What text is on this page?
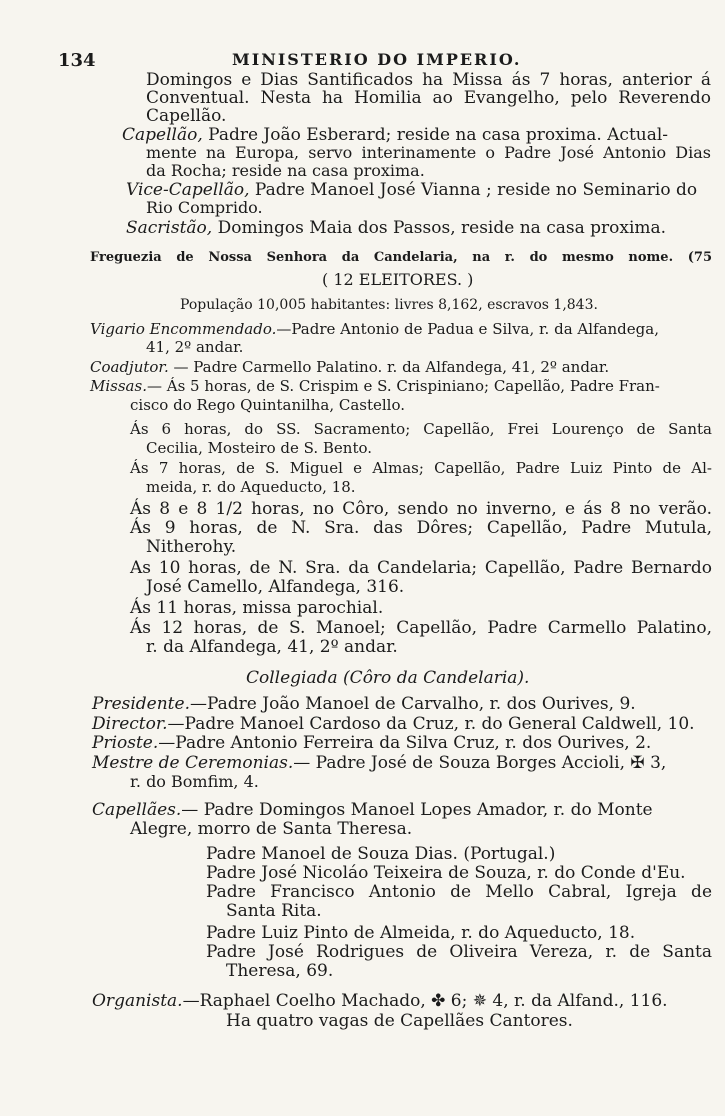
134	MINISTERIO DO IMPERIO.
Domingos e Dias Santificados ha Missa ás 7 horas, anterior á
Conventual. Nesta ha Homilia ao Evangelho, pelo Reverendo
Capellão.
Capellão, Padre João Esberard; reside na casa proxima. Actual-
mente na Europa, servo interinamente o Padre José Antonio Dias
da Rocha; reside na casa proxima.
Vice-Capellão, Padre Manoel José Vianna ; reside no Seminario do
Rio Comprido.
Sacristão, Domingos Maia dos Passos, reside na casa proxima.
Freguezia de Nossa Senhora da Candelaria, na r. do mesmo nome. (75
( 12 ELEITORES. )
População 10,005 habitantes: livres 8,162, escravos 1,843.
Vigario Encommendado.—Padre Antonio de Padua e Silva, r. da Alfandega,
41, 2º andar.
Coadjutor. — Padre Carmello Palatino. r. da Alfandega, 41, 2º andar.
Missas.— Ás 5 horas, de S. Crispim e S. Crispiniano; Capellão, Padre Fran-
cisco do Rego Quintanilha, Castello.
Ás 6 horas, do SS. Sacramento; Capellão, Frei Lourenço de Santa
Cecilia, Mosteiro de S. Bento.
Ás 7 horas, de S. Miguel e Almas; Capellão, Padre Luiz Pinto de Al-
meida, r. do Aqueducto, 18.
Ás 8 e 8 1/2 horas, no Côro, sendo no inverno, e ás 8 no verão.
Ás 9 horas, de N. Sra. das Dôres; Capellão, Padre Mutula,
Nitherohy.
As 10 horas, de N. Sra. da Candelaria; Capellão, Padre Bernardo
José Camello, Alfandega, 316.
Ás 11 horas, missa parochial.
Ás 12 horas, de S. Manoel; Capellão, Padre Carmello Palatino,
r. da Alfandega, 41, 2º andar.
Collegiada (Côro da Candelaria).
Presidente.—Padre João Manoel de Carvalho, r. dos Ourives, 9.
Director.—Padre Manoel Cardoso da Cruz, r. do General Caldwell, 10.
Prioste.—Padre Antonio Ferreira da Silva Cruz, r. dos Ourives, 2.
Mestre de Ceremonias.— Padre José de Souza Borges Accioli, ✠ 3,
r. do Bomfim, 4.
Capellães.— Padre Domingos Manoel Lopes Amador, r. do Monte
Alegre, morro de Santa Theresa.
Padre Manoel de Souza Dias. (Portugal.)
Padre José Nicoláo Teixeira de Souza, r. do Conde d'Eu.
Padre Francisco Antonio de Mello Cabral, Igreja de
Santa Rita.
Padre Luiz Pinto de Almeida, r. do Aqueducto, 18.
Padre José Rodrigues de Oliveira Vereza, r. de Santa
Theresa, 69.
Organista.—Raphael Coelho Machado, ✤ 6; ✵ 4, r. da Alfand., 116.
Ha quatro vagas de Capellães Cantores.
